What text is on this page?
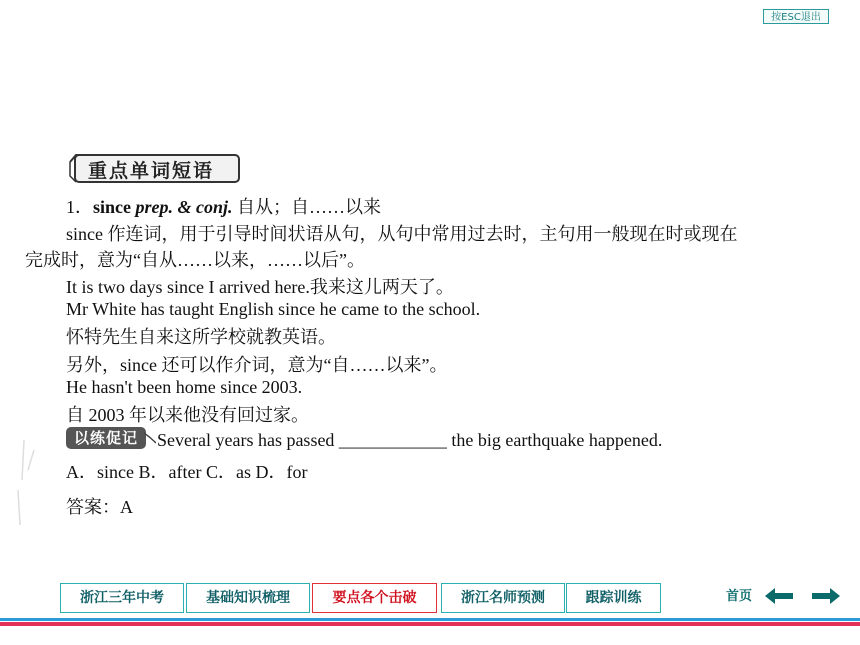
按ESC退出
重点单词短语
1．since prep. & conj. 自从；自……以来
since 作连词，用于引导时间状语从句，从句中常用过去时，主句用一般现在时或现在
完成时，意为“自从……以来，……以后”。
It is two days since I arrived here.我来这儿两天了。
Mr White has taught English since he came to the school.
怀特先生自来这所学校就教英语。
另外，since 还可以作介词，意为“自……以来”。
He hasn't been home since 2003.
自 2003 年以来他没有回过家。
以练促记	Several years has passed ____________ the big earthquake happened.
A．since B．after C．as D．for
答案：A
浙江三年中考	基础知识梳理	要点各个击破	浙江名师预测	跟踪训练	首页
